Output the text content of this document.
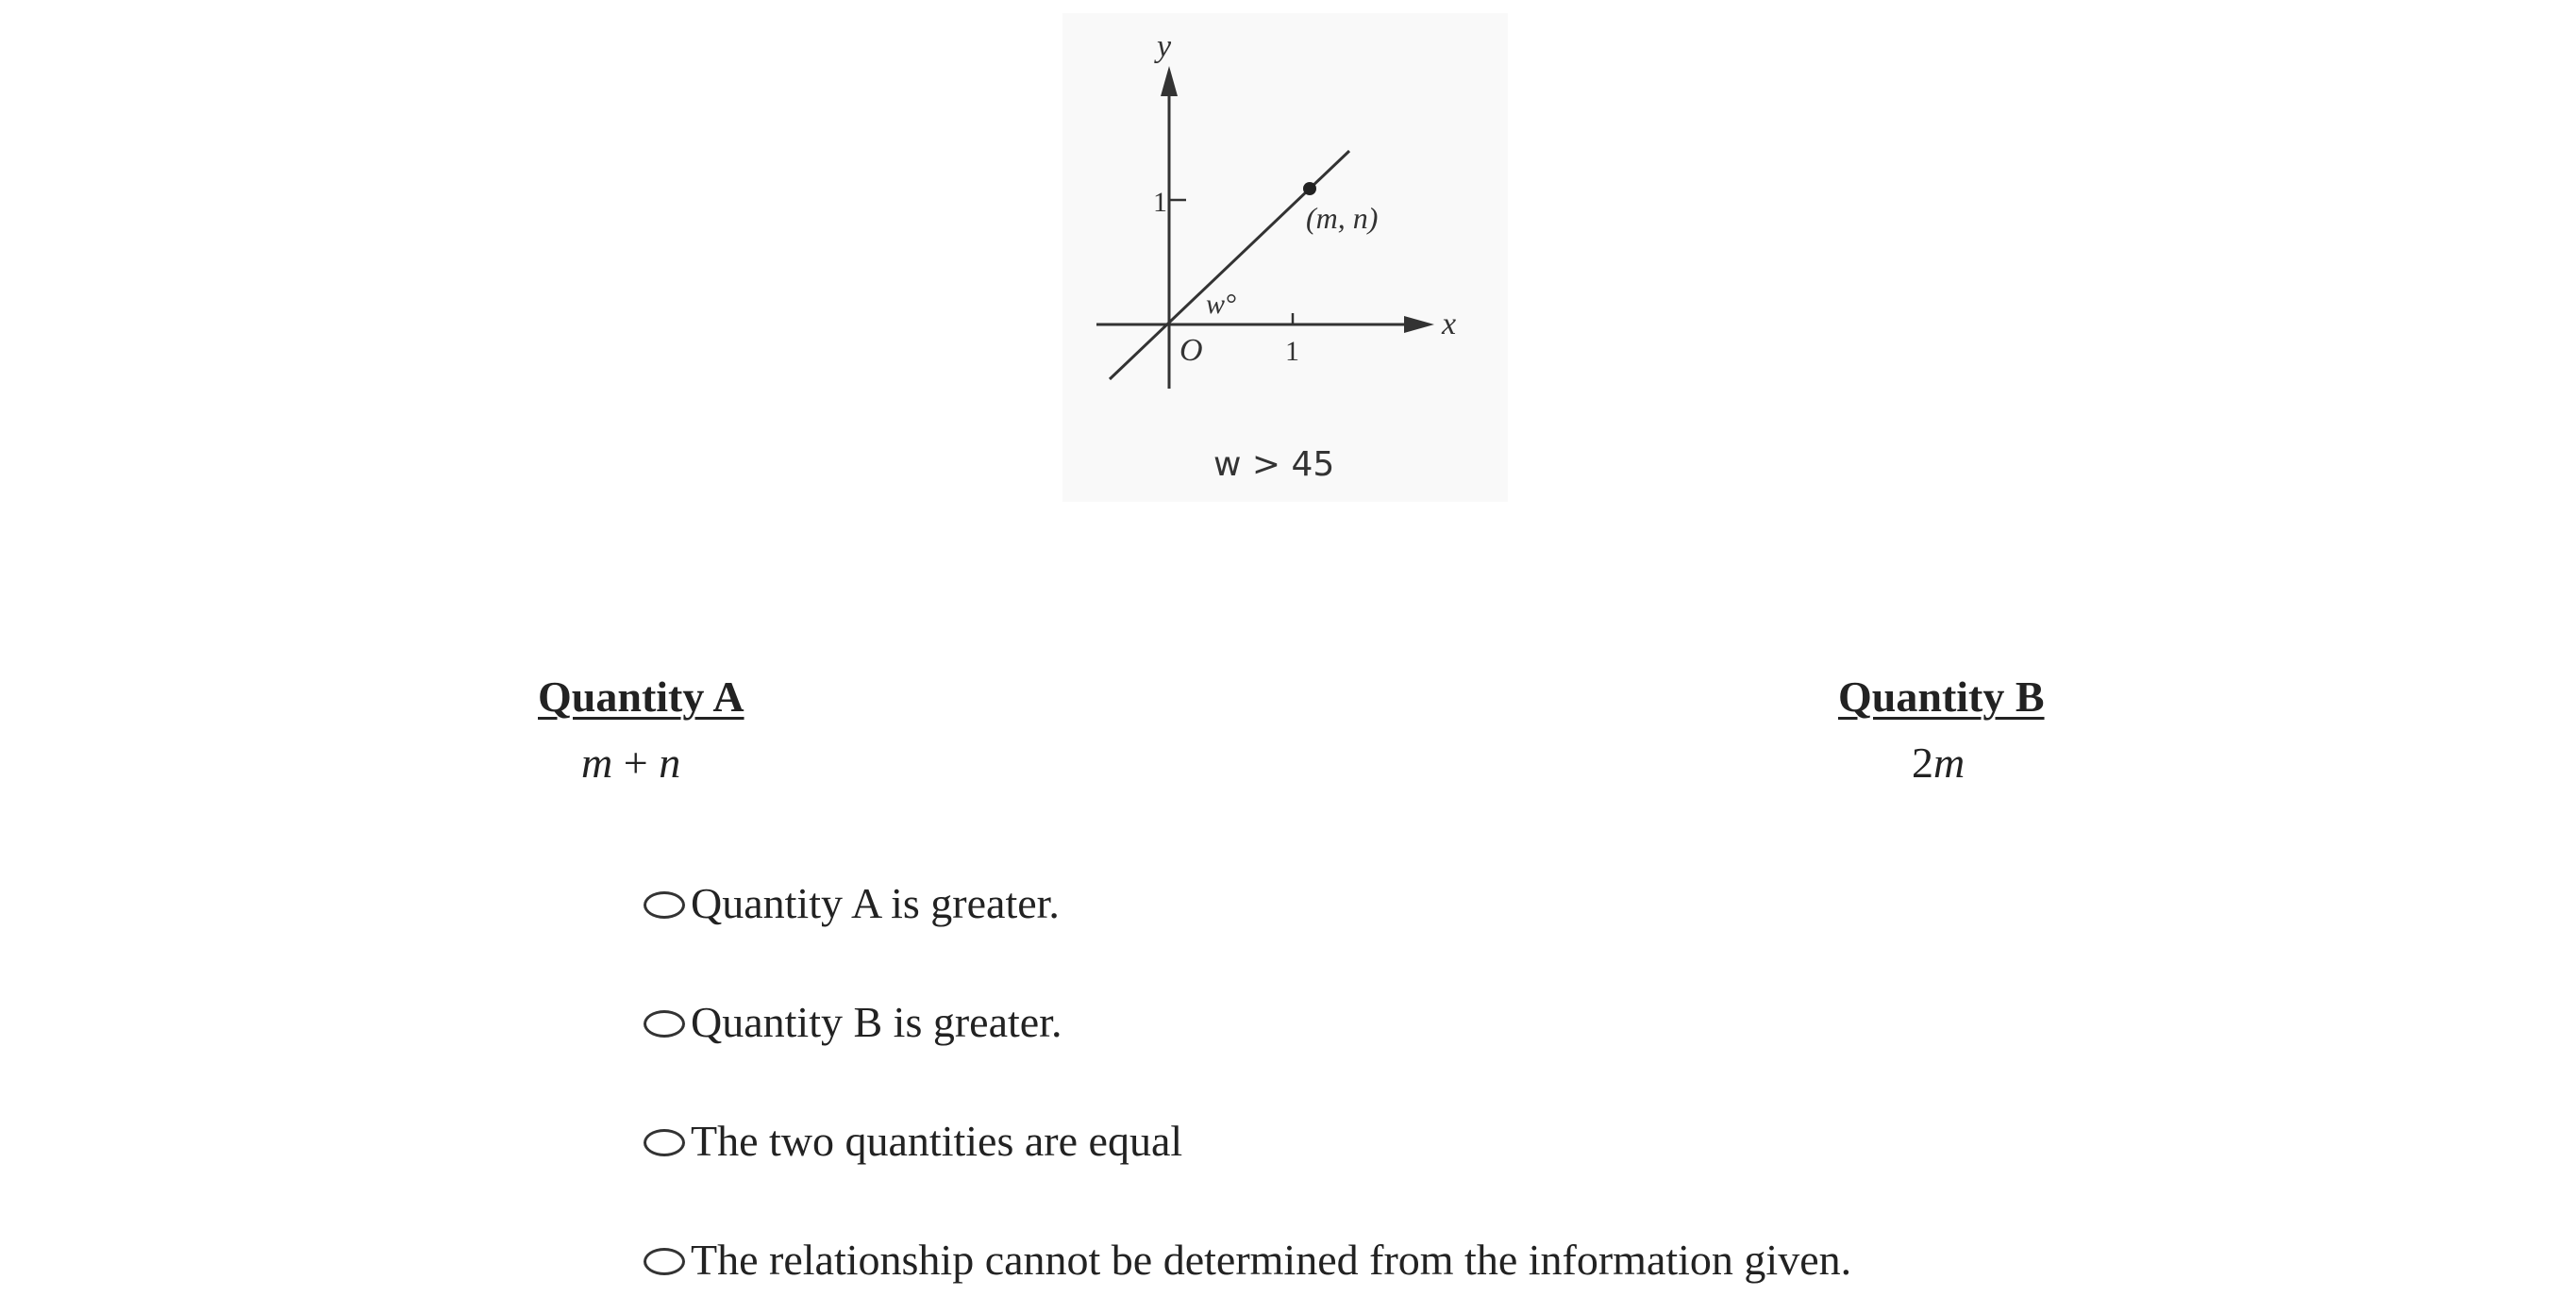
y
x
1
1
O
w°
(m, n)
w > 45
Quantity A
m + n
Quantity B
2m
Quantity A is greater.
Quantity B is greater.
The two quantities are equal
The relationship cannot be determined from the information given.
